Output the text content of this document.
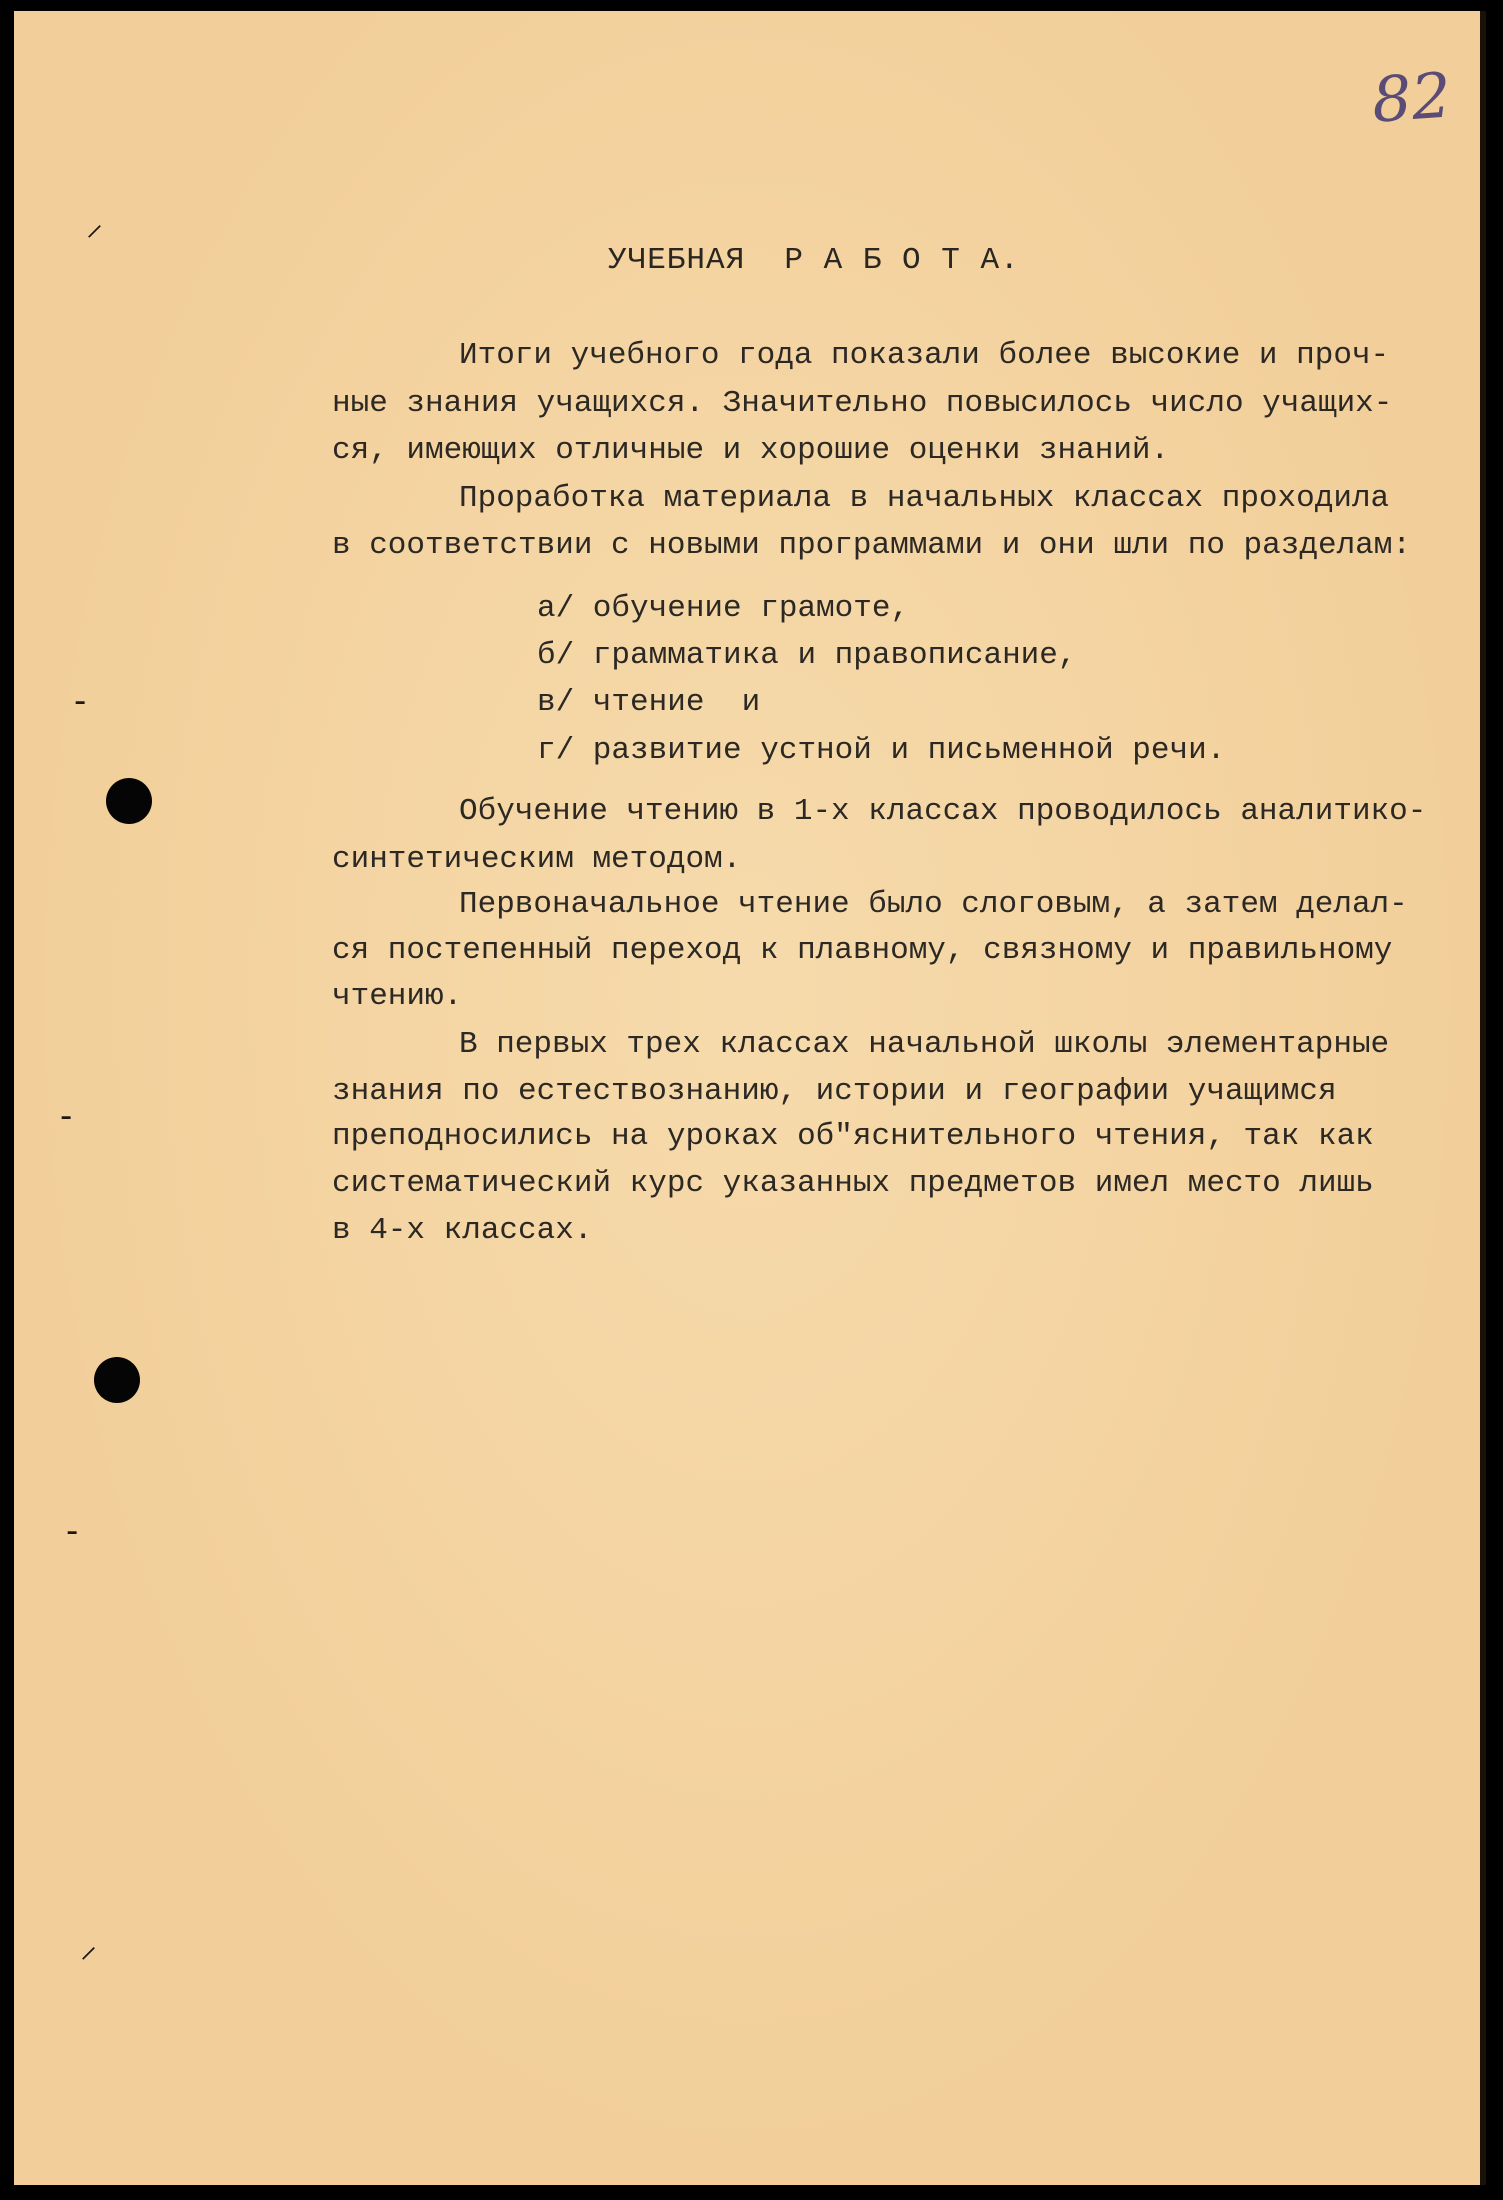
82
УЧЕБНАЯ  Р А Б О Т А.

Итоги учебного года показали более высокие и проч-

ные знания учащихся. Значительно повысилось число учащих-

ся, имеющих отличные и хорошие оценки знаний.

Проработка материала в начальных классах проходила

в соответствии с новыми программами и они шли по разделам:

а/ обучение грамоте,

б/ грамматика и правописание,

в/ чтение  и

г/ развитие устной и письменной речи.

Обучение чтению в 1-х классах проводилось аналитико-

синтетическим методом.

Первоначальное чтение было слоговым, а затем делал-

ся постепенный переход к плавному, связному и правильному

чтению.

В первых трех классах начальной школы элементарные

знания по естествознанию, истории и географии учащимся

преподносились на уроках об"яснительного чтения, так как

систематический курс указанных предметов имел место лишь

в 4-х классах.

⸝
-
-
-
⸝
